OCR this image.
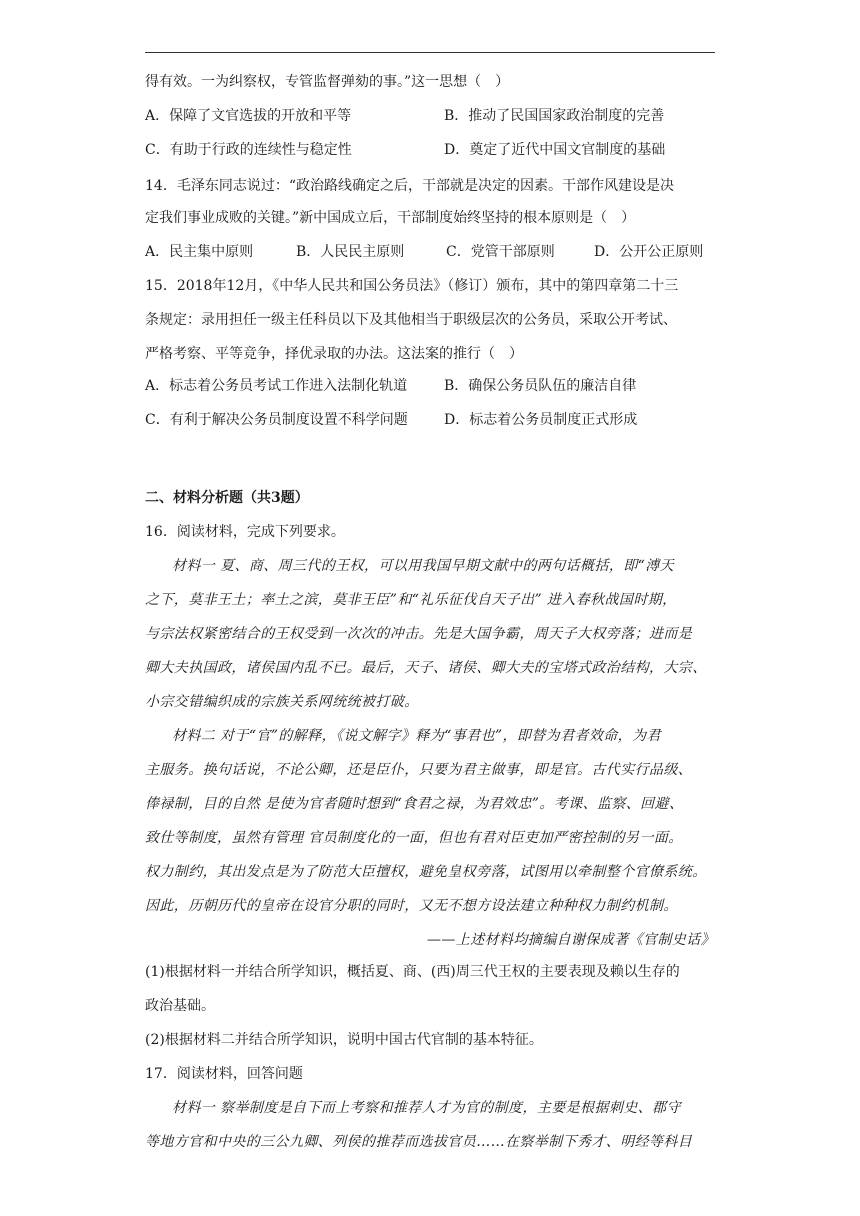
得有效。一为纠察权，专管监督弹劾的事。”这一思想（　）
A．保障了文官选拔的开放和平等	B．推动了民国国家政治制度的完善
C．有助于行政的连续性与稳定性	D．奠定了近代中国文官制度的基础
14．毛泽东同志说过：“政治路线确定之后，干部就是决定的因素。干部作风建设是决
定我们事业成败的关键。”新中国成立后，干部制度始终坚持的根本原则是（　）
A．民主集中原则	B．人民民主原则	C．党管干部原则	D．公开公正原则
15．2018年12月，《中华人民共和国公务员法》（修订）颁布，其中的第四章第二十三
条规定：录用担任一级主任科员以下及其他相当于职级层次的公务员，采取公开考试、
严格考察、平等竞争，择优录取的办法。这法案的推行（　）
A．标志着公务员考试工作进入法制化轨道	B．确保公务员队伍的廉洁自律
C．有利于解决公务员制度设置不科学问题	D．标志着公务员制度正式形成
二、材料分析题（共3题）
16．阅读材料，完成下列要求。
材料一 夏、商、周三代的王权，可以用我国早期文献中的两句话概括，即“溥天
之下，莫非王土；率土之滨，莫非王臣”和“礼乐征伐自天子出” 进入春秋战国时期，
与宗法权紧密结合的王权受到一次次的冲击。先是大国争霸，周天子大权旁落；进而是
卿大夫执国政，诸侯国内乱不已。最后，天子、诸侯、卿大夫的宝塔式政治结构，大宗、
小宗交错编织成的宗族关系网统统被打破。
材料二 对于“官”的解释，《说文解字》释为“事君也”，即替为君者效命，为君
主服务。换句话说，不论公卿，还是臣仆，只要为君主做事，即是官。古代实行品级、
俸禄制，目的自然 是使为官者随时想到“食君之禄，为君效忠”。考课、监察、回避、
致仕等制度，虽然有管理 官员制度化的一面，但也有君对臣吏加严密控制的另一面。
权力制约，其出发点是为了防范大臣擅权，避免皇权旁落，试图用以牵制整个官僚系统。
因此，历朝历代的皇帝在设官分职的同时，又无不想方设法建立种种权力制约机制。
——上述材料均摘编自谢保成著《官制史话》
(1)根据材料一并结合所学知识，概括夏、商、(西)周三代王权的主要表现及赖以生存的
政治基础。
(2)根据材料二并结合所学知识，说明中国古代官制的基本特征。
17．阅读材料，回答问题
材料一 察举制度是自下而上考察和推荐人才为官的制度，主要是根据刺史、郡守
等地方官和中央的三公九卿、列侯的推荐而选拔官员……在察举制下秀才、明经等科目
